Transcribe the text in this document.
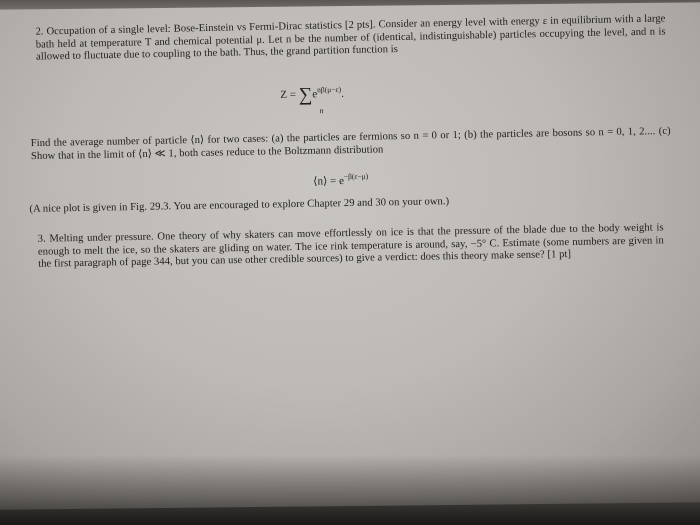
2. Occupation of a single level: Bose-Einstein vs Fermi-Dirac statistics [2 pts]. Consider an energy level with energy ε in equilibrium with a large bath held at temperature T and chemical potential μ. Let n be the number of (identical, indistinguishable) particles occupying the level, and n is allowed to fluctuate due to coupling to the bath. Thus, the grand partition function is
$Z = \sum e^{n\beta(\mu-\varepsilon)}$.
n
Find the average number of particle ⟨n⟩ for two cases: (a) the particles are fermions so n = 0 or 1; (b) the particles are bosons so n = 0, 1, 2.... (c) Show that in the limit of ⟨n⟩ ≪ 1, both cases reduce to the Boltzmann distribution
⟨n⟩ = $e^{-\beta(\varepsilon-\mu)}$
(A nice plot is given in Fig. 29.3. You are encouraged to explore Chapter 29 and 30 on your own.)
3. Melting under pressure. One theory of why skaters can move effortlessly on ice is that the pressure of the blade due to the body weight is enough to melt the ice, so the skaters are gliding on water. The ice rink temperature is around, say, −5° C. Estimate (some numbers are given in the first paragraph of page 344, but you can use other credible sources) to give a verdict: does this theory make sense? [1 pt]
